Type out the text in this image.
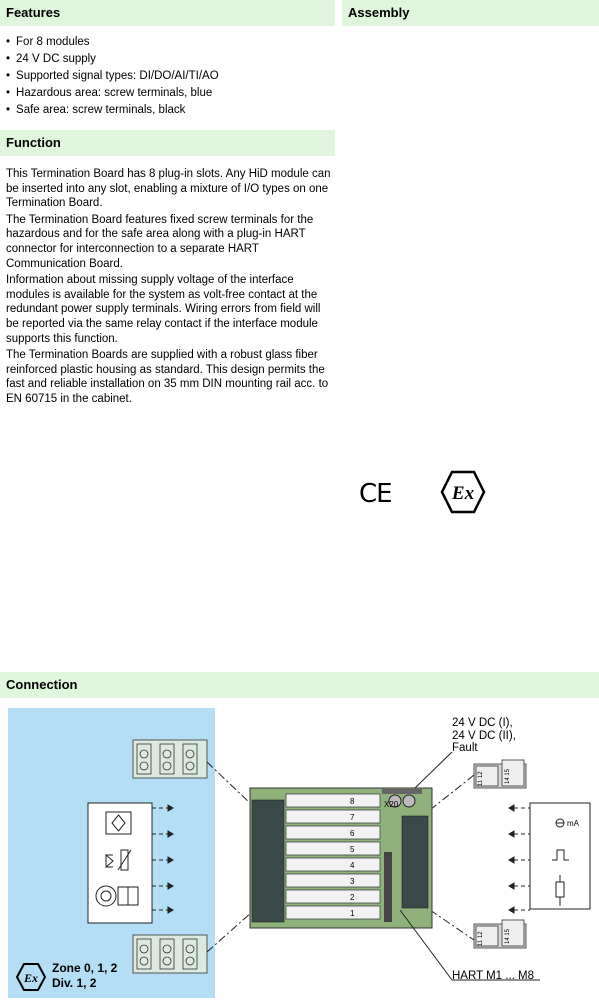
Features	Assembly
• For 8 modules
• 24 V DC supply
• Supported signal types: DI/DO/AI/TI/AO
• Hazardous area: screw terminals, blue
• Safe area: screw terminals, black
Function

This Termination Board has 8 plug-in slots. Any HiD module can be inserted into any slot, enabling a mixture of I/O types on one Termination Board.

The Termination Board features fixed screw terminals for the hazardous and for the safe area along with a plug-in HART connector for interconnection to a separate HART Communication Board.

Information about missing supply voltage of the interface modules is available for the system as volt-free contact at the redundant power supply terminals. Wiring errors from field will be reported via the same relay contact if the interface module supports this function.

The Termination Boards are supplied with a robust glass fiber reinforced plastic housing as standard. This design permits the fast and reliable installation on 35 mm DIN mounting rail acc. to EN 60715 in the cabinet.

CE	Ex
Connection
X20
8
7
6
5
4
3
2
1
11 12	14 15
11 12	14 15
mA
Ex
24 V DC (I),
24 V DC (II),
Fault
HART M1 ... M8
Zone 0, 1, 2
Div. 1, 2
